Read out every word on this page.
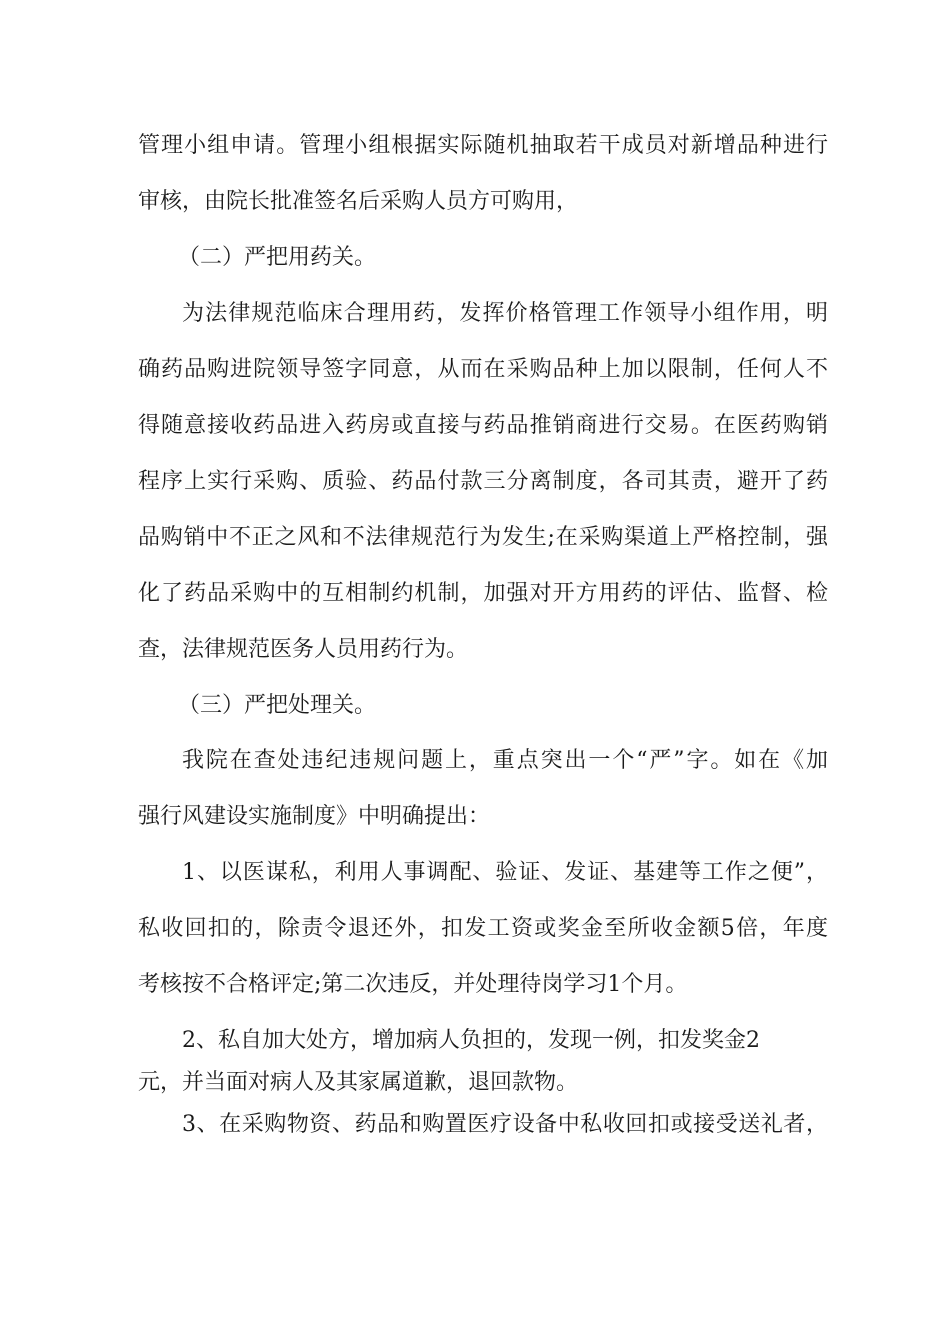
管理小组申请。管理小组根据实际随机抽取若干成员对新增品种进行
审核，由院长批准签名后采购人员方可购用，
（二）严把用药关。
为法律规范临床合理用药，发挥价格管理工作领导小组作用，明
确药品购进院领导签字同意，从而在采购品种上加以限制，任何人不
得随意接收药品进入药房或直接与药品推销商进行交易。在医药购销
程序上实行采购、质验、药品付款三分离制度，各司其责，避开了药
品购销中不正之风和不法律规范行为发生;在采购渠道上严格控制，强
化了药品采购中的互相制约机制，加强对开方用药的评估、监督、检
查，法律规范医务人员用药行为。
（三）严把处理关。
我院在查处违纪违规问题上，重点突出一个“严”字。如在《加
强行风建设实施制度》中明确提出：
1、以医谋私，利用人事调配、验证、发证、基建等工作之便”，
私收回扣的，除责令退还外，扣发工资或奖金至所收金额5倍，年度
考核按不合格评定;第二次违反，并处理待岗学习1个月。
2、私自加大处方，增加病人负担的，发现一例，扣发奖金2
元，并当面对病人及其家属道歉，退回款物。
3、在采购物资、药品和购置医疗设备中私收回扣或接受送礼者，
